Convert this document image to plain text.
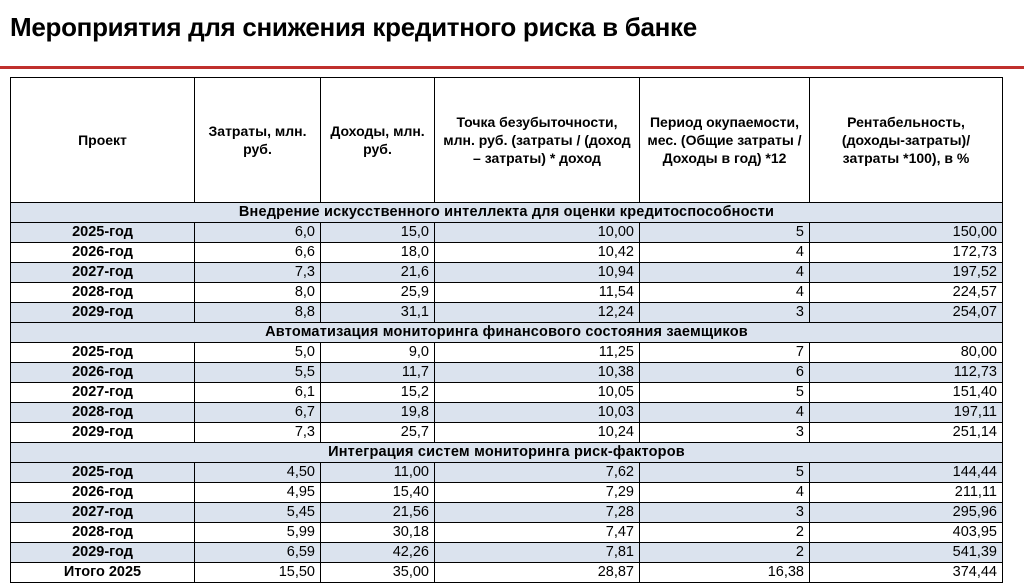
Мероприятия для снижения кредитного риска в банке
Проект	Затраты, млн. руб.	Доходы, млн. руб.	Точка безубыточности, млн. руб. (затраты / (доход – затраты) * доход	Период окупаемости, мес. (Общие затраты / Доходы в год) *12	Рентабельность, (доходы-затраты)/затраты *100), в %
Внедрение искусственного интеллекта для оценки кредитоспособности					
2025-год	6,0	15,0	10,00	5	150,00
2026-год	6,6	18,0	10,42	4	172,73
2027-год	7,3	21,6	10,94	4	197,52
2028-год	8,0	25,9	11,54	4	224,57
2029-год	8,8	31,1	12,24	3	254,07
Автоматизация мониторинга финансового состояния заемщиков					
2025-год	5,0	9,0	11,25	7	80,00
2026-год	5,5	11,7	10,38	6	112,73
2027-год	6,1	15,2	10,05	5	151,40
2028-год	6,7	19,8	10,03	4	197,11
2029-год	7,3	25,7	10,24	3	251,14
Интеграция систем мониторинга риск-факторов					
2025-год	4,50	11,00	7,62	5	144,44
2026-год	4,95	15,40	7,29	4	211,11
2027-год	5,45	21,56	7,28	3	295,96
2028-год	5,99	30,18	7,47	2	403,95
2029-год	6,59	42,26	7,81	2	541,39
Итого 2025	15,50	35,00	28,87	16,38	374,44
